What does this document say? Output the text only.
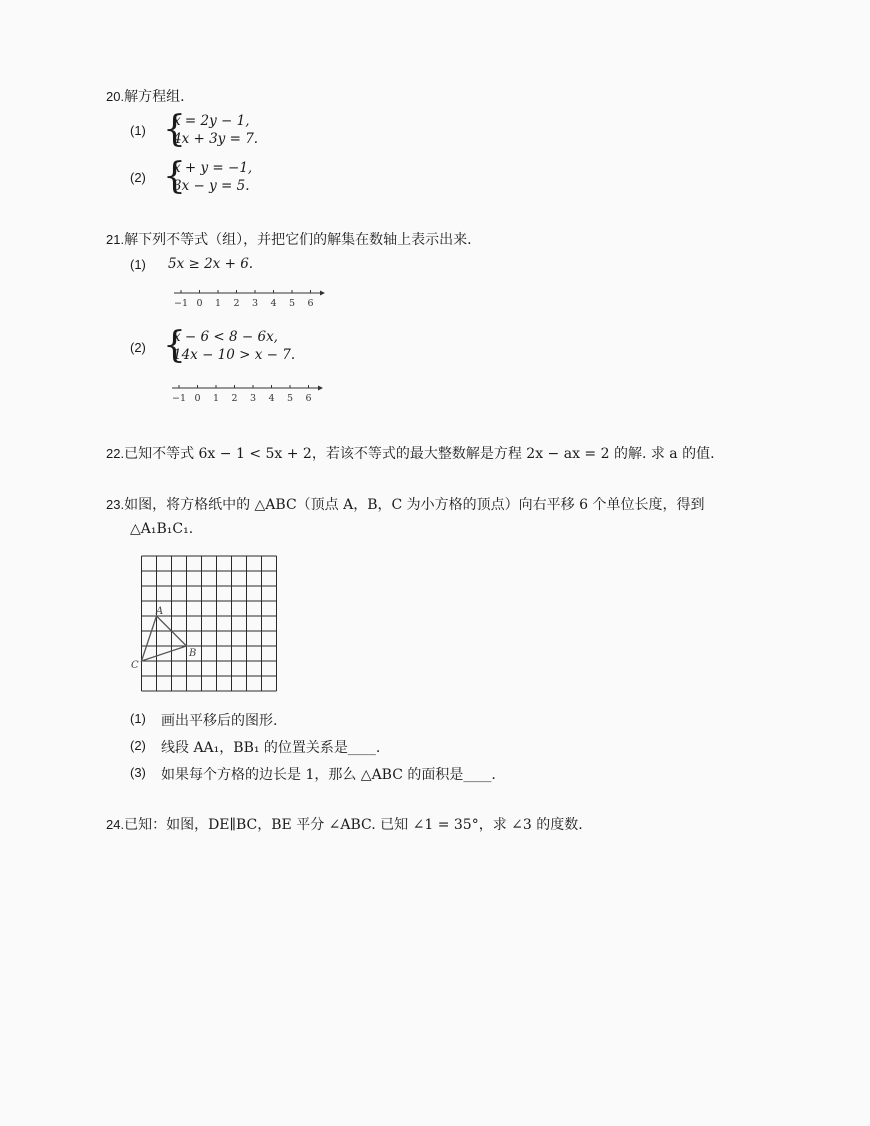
20.解方程组.
(1) {
x = 2y − 1,
4x + 3y = 7.
(2) {
x + y = −1,
3x − y = 5.
21.解下列不等式（组），并把它们的解集在数轴上表示出来.
(1) 5x ≥ 2x + 6.
−1 0 1 2 3 4 5 6
(2) {
x − 6 < 8 − 6x,
14x − 10 > x − 7.
−1 0 1 2 3 4 5 6
22.已知不等式 6x − 1 < 5x + 2，若该不等式的最大整数解是方程 2x − ax = 2 的解. 求 a 的值.
23.如图，将方格纸中的 △ABC（顶点 A，B，C 为小方格的顶点）向右平移 6 个单位长度，得到
△A₁B₁C₁.
A
B
C
(1) 画出平移后的图形.
(2) 线段 AA₁，BB₁ 的位置关系是____.
(3) 如果每个方格的边长是 1，那么 △ABC 的面积是____.
24.已知：如图，DE∥BC，BE 平分 ∠ABC. 已知 ∠1 = 35°，求 ∠3 的度数.
